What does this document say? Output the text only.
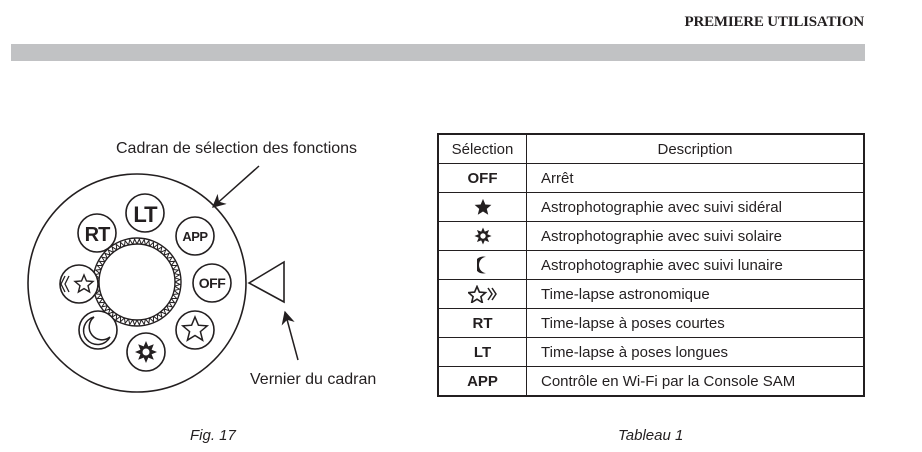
PREMIERE UTILISATION
LT
RT	APP
OFF
Cadran de sélection des fonctions
Vernier du cadran
Fig. 17
Sélection	Description
OFF	Arrêt
	Astrophotographie avec suivi sidéral
	Astrophotographie avec suivi solaire
	Astrophotographie avec suivi lunaire
	Time-lapse astronomique
RT	Time-lapse à poses courtes
LT	Time-lapse à poses longues
APP	Contrôle en Wi-Fi par la Console SAM
Tableau 1
